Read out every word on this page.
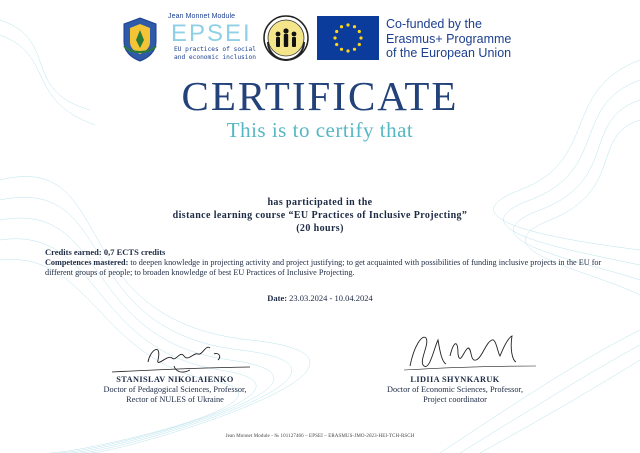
Jean Monnet Module
EPSEI
EU practices of social
and economic inclusion
Co-funded by the
Erasmus+ Programme
of the European Union
CERTIFICATE
This is to certify that
has participated in the
distance learning course “EU Practices of Inclusive Projecting”
(20 hours)
Credits earned: 0,7 ECTS credits
Competences mastered: to deepen knowledge in projecting activity and project justifying; to get acquainted with possibilities of funding inclusive projects in the EU for different groups of people; to broaden knowledge of best EU Practices of Inclusive Projecting.
Date: 23.03.2024 - 10.04.2024
STANISLAV NIKOLAIENKO
Doctor of Pedagogical Sciences, Professor,
Rector of NULES of Ukraine
LIDIIA SHYNKARUK
Doctor of Economic Sciences, Professor,
Project coordinator
Jean Monnet Module - № 101127466 – EPSEI – ERASMUS-JMO-2023-HEI-TCH-RSCH
